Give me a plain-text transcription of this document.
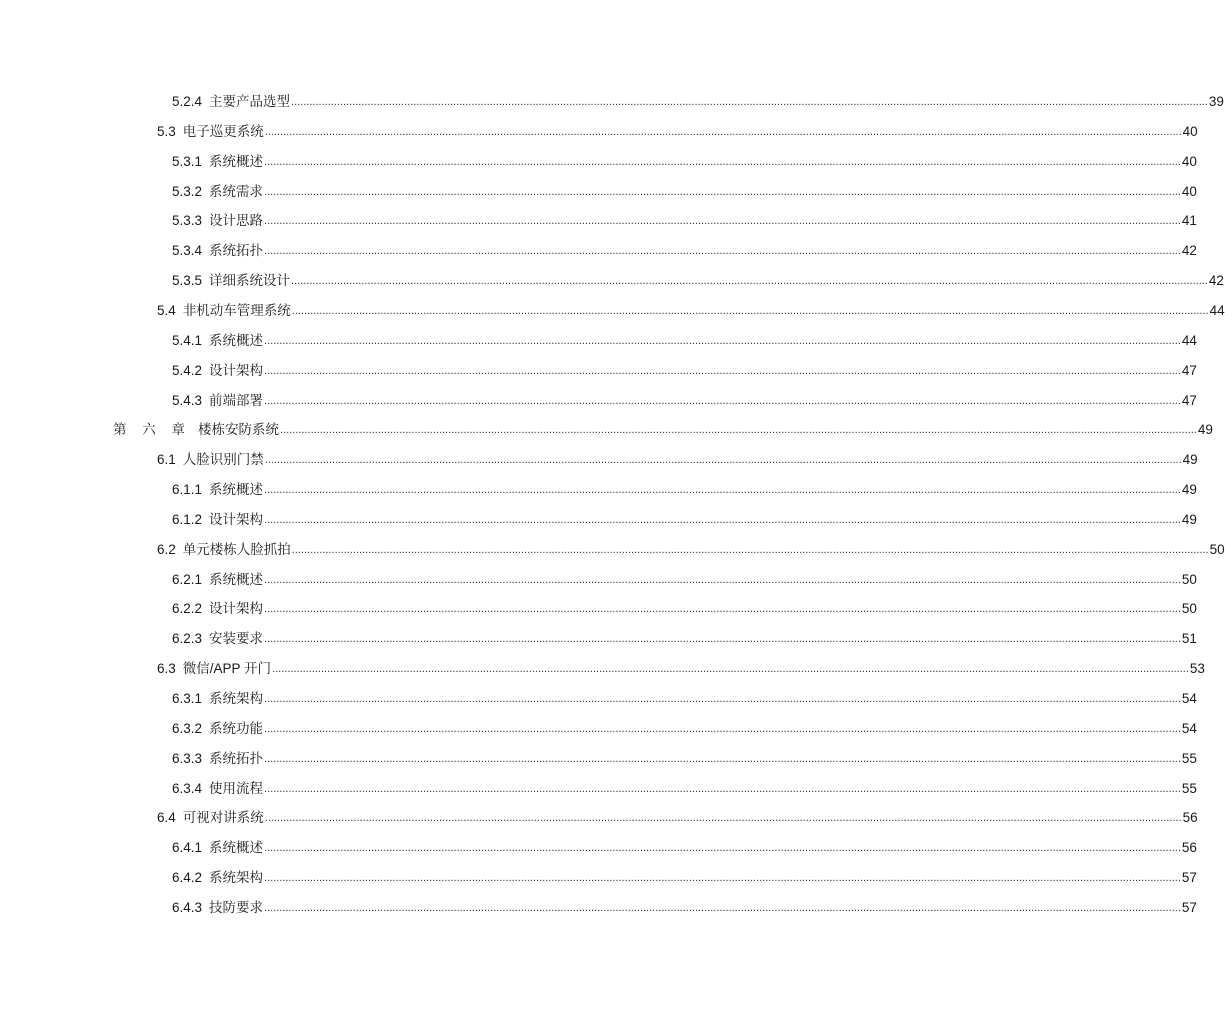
5.2.4 主要产品选型 ............................................................................................................................................................................................................................................................................................................ 39
5.3 电子巡更系统 ............................................................................................................................................................................................................................................................................................................ 40
5.3.1 系统概述 ............................................................................................................................................................................................................................................................................................................ 40
5.3.2 系统需求 ............................................................................................................................................................................................................................................................................................................ 40
5.3.3 设计思路 ............................................................................................................................................................................................................................................................................................................ 41
5.3.4 系统拓扑 ............................................................................................................................................................................................................................................................................................................ 42
5.3.5 详细系统设计 ............................................................................................................................................................................................................................................................................................................ 42
5.4 非机动车管理系统 ............................................................................................................................................................................................................................................................................................................ 44
5.4.1 系统概述 ............................................................................................................................................................................................................................................................................................................ 44
5.4.2 设计架构 ............................................................................................................................................................................................................................................................................................................ 47
5.4.3 前端部署 ............................................................................................................................................................................................................................................................................................................ 47
第 六 章 楼栋安防系统 ............................................................................................................................................................................................................................................................................................................ 49
6.1 人脸识别门禁 ............................................................................................................................................................................................................................................................................................................ 49
6.1.1 系统概述 ............................................................................................................................................................................................................................................................................................................ 49
6.1.2 设计架构 ............................................................................................................................................................................................................................................................................................................ 49
6.2 单元楼栋人脸抓拍 ............................................................................................................................................................................................................................................................................................................ 50
6.2.1 系统概述 ............................................................................................................................................................................................................................................................................................................ 50
6.2.2 设计架构 ............................................................................................................................................................................................................................................................................................................ 50
6.2.3 安装要求 ............................................................................................................................................................................................................................................................................................................ 51
6.3 微信/APP 开门 ............................................................................................................................................................................................................................................................................................................ 53
6.3.1 系统架构 ............................................................................................................................................................................................................................................................................................................ 54
6.3.2 系统功能 ............................................................................................................................................................................................................................................................................................................ 54
6.3.3 系统拓扑 ............................................................................................................................................................................................................................................................................................................ 55
6.3.4 使用流程 ............................................................................................................................................................................................................................................................................................................ 55
6.4 可视对讲系统 ............................................................................................................................................................................................................................................................................................................ 56
6.4.1 系统概述 ............................................................................................................................................................................................................................................................................................................ 56
6.4.2 系统架构 ............................................................................................................................................................................................................................................................................................................ 57
6.4.3 技防要求 ............................................................................................................................................................................................................................................................................................................ 57
